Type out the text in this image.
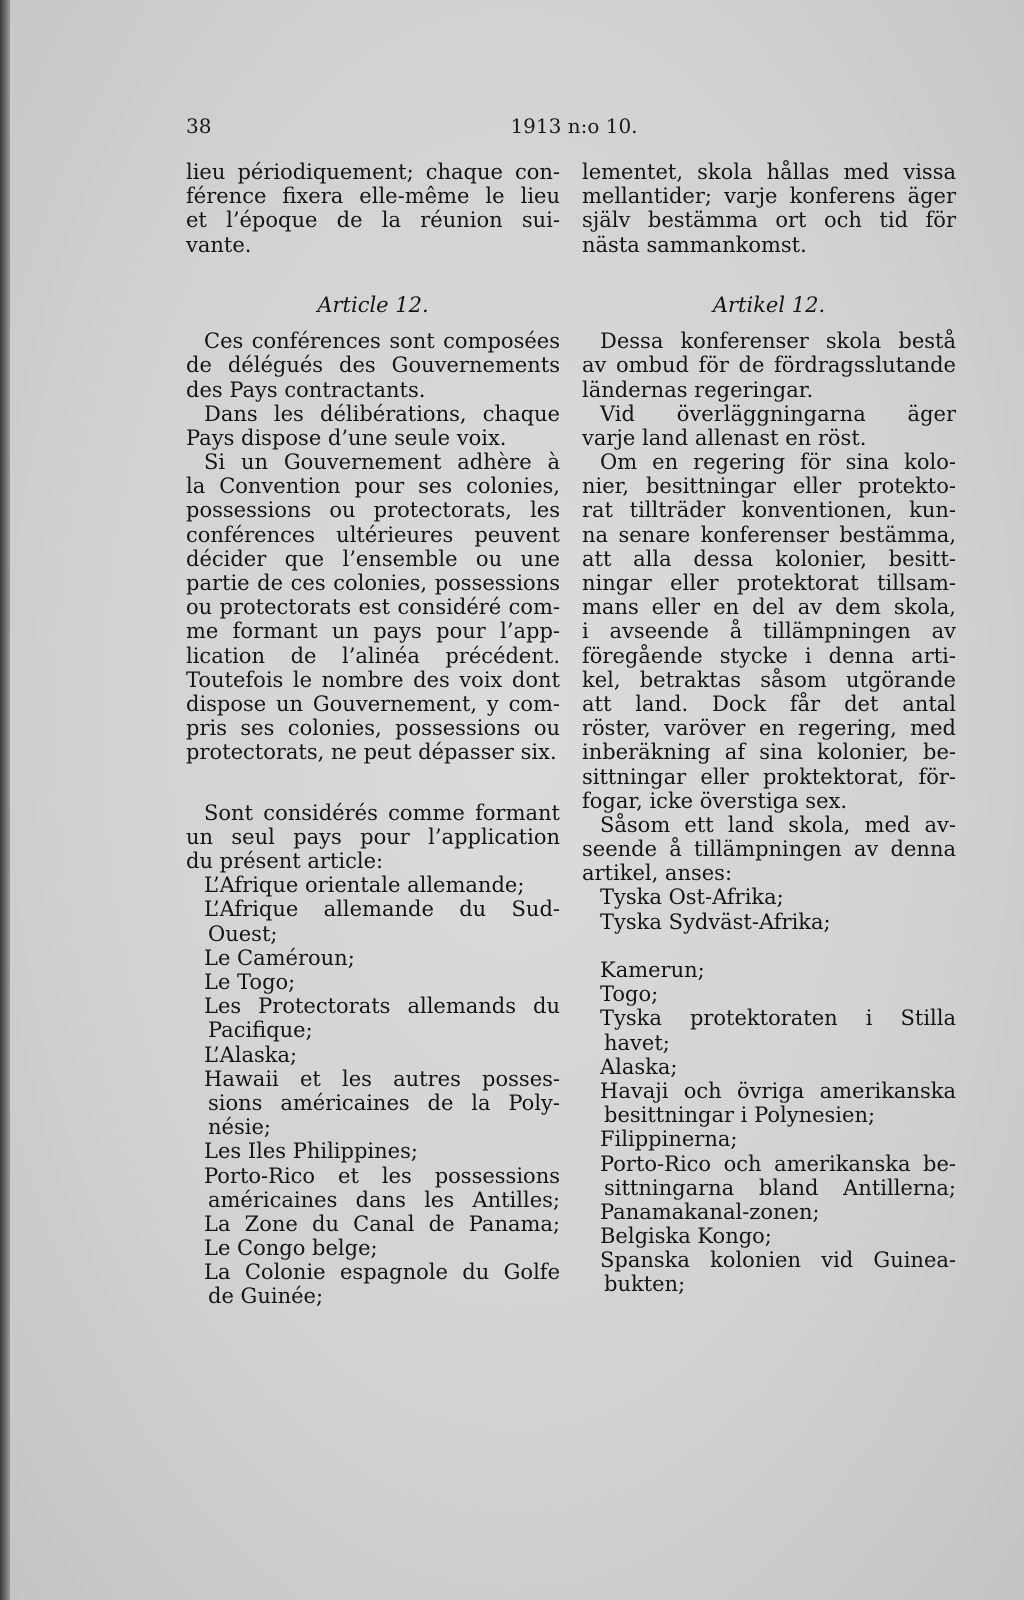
38	1913 n:o 10.
lieu périodiquement; chaque con-
férence fixera elle-même le lieu
et l’époque de la réunion sui-
vante.
Article 12.
Ces conférences sont composées
de délégués des Gouvernements
des Pays contractants.
Dans les délibérations, chaque
Pays dispose d’une seule voix.
Si un Gouvernement adhère à
la Convention pour ses colonies,
possessions ou protectorats, les
conférences ultérieures peuvent
décider que l’ensemble ou une
partie de ces colonies, possessions
ou protectorats est considéré com-
me formant un pays pour l’app-
lication de l’alinéa précédent.
Toutefois le nombre des voix dont
dispose un Gouvernement, y com-
pris ses colonies, possessions ou
protectorats, ne peut dépasser six.
Sont considérés comme formant
un seul pays pour l’application
du présent article:
L’Afrique orientale allemande;
L’Afrique allemande du Sud-
Ouest;
Le Caméroun;
Le Togo;
Les Protectorats allemands du
Pacifique;
L’Alaska;
Hawaii et les autres posses-
sions américaines de la Poly-
nésie;
Les Iles Philippines;
Porto-Rico et les possessions
américaines dans les Antilles;
La Zone du Canal de Panama;
Le Congo belge;
La Colonie espagnole du Golfe
de Guinée;
lementet, skola hållas med vissa
mellantider; varje konferens äger
själv bestämma ort och tid för
nästa sammankomst.
Artikel 12.
Dessa konferenser skola bestå
av ombud för de fördragsslutande
ländernas regeringar.
Vid överläggningarna äger
varje land allenast en röst.
Om en regering för sina kolo-
nier, besittningar eller protekto-
rat tillträder konventionen, kun-
na senare konferenser bestämma,
att alla dessa kolonier, besitt-
ningar eller protektorat tillsam-
mans eller en del av dem skola,
i avseende å tillämpningen av
föregående stycke i denna arti-
kel, betraktas såsom utgörande
att land. Dock får det antal
röster, varöver en regering, med
inberäkning af sina kolonier, be-
sittningar eller proktektorat, för-
fogar, icke överstiga sex.
Såsom ett land skola, med av-
seende å tillämpningen av denna
artikel, anses:
Tyska Ost-Afrika;
Tyska Sydväst-Afrika;
Kamerun;
Togo;
Tyska protektoraten i Stilla
havet;
Alaska;
Havaji och övriga amerikanska
besittningar i Polynesien;
Filippinerna;
Porto-Rico och amerikanska be-
sittningarna bland Antillerna;
Panamakanal-zonen;
Belgiska Kongo;
Spanska kolonien vid Guinea-
bukten;
